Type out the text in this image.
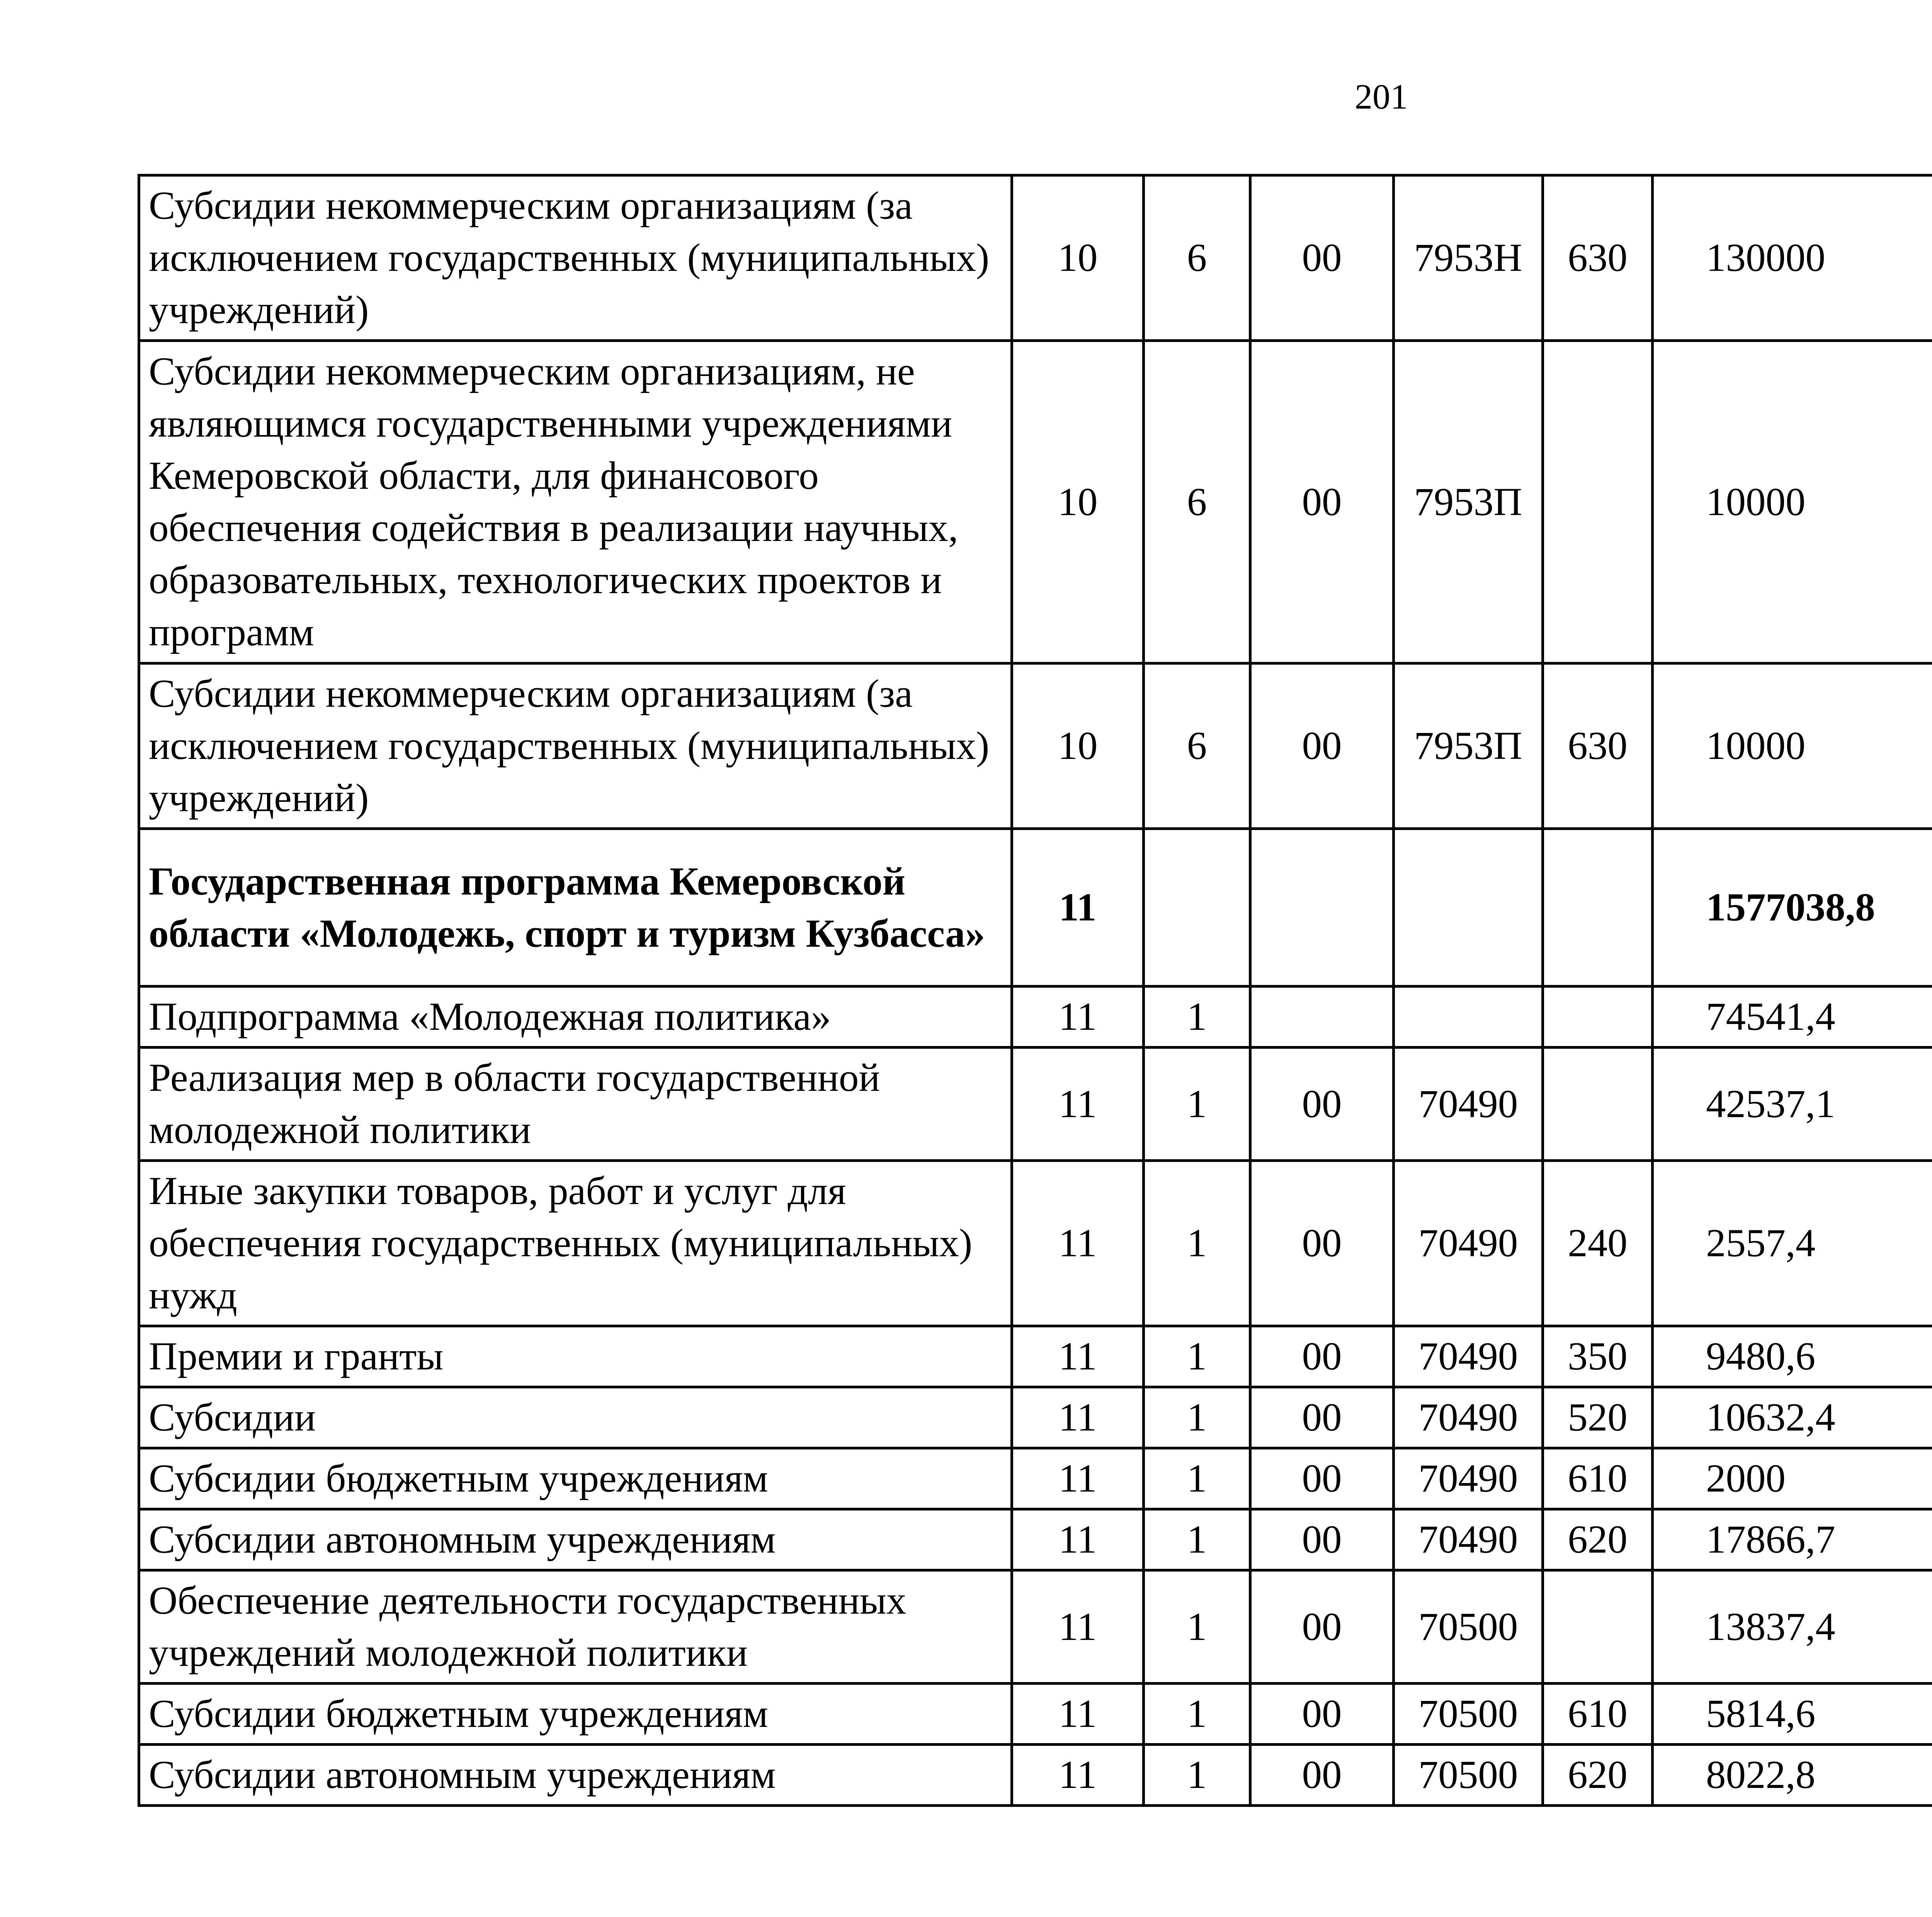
201
Субсидии некоммерческим организациям (за исключением государственных (муниципальных) учреждений)	10	6	00	7953Н	630	130000		
Субсидии некоммерческим организациям, не являющимся государственными учреждениями Кемеровской области, для финансового обеспечения содействия в реализации научных, образовательных, технологических проектов и программ	10	6	00	7953П		10000		
Субсидии некоммерческим организациям (за исключением государственных (муниципальных) учреждений)	10	6	00	7953П	630	10000		
Государственная программа Кемеровской области «Молодежь, спорт и туризм Кузбасса»	11					1577038,8		
Подпрограмма «Молодежная политика»	11	1				74541,4		
Реализация мер в области государственной молодежной политики	11	1	00	70490		42537,1		
Иные закупки товаров, работ и услуг для обеспечения государственных (муниципальных) нужд	11	1	00	70490	240	2557,4		
Премии и гранты	11	1	00	70490	350	9480,6		
Субсидии	11	1	00	70490	520	10632,4		
Субсидии бюджетным учреждениям	11	1	00	70490	610	2000		
Субсидии автономным учреждениям	11	1	00	70490	620	17866,7		
Обеспечение деятельности государственных учреждений молодежной политики	11	1	00	70500		13837,4		
Субсидии бюджетным учреждениям	11	1	00	70500	610	5814,6		
Субсидии автономным учреждениям	11	1	00	70500	620	8022,8		
